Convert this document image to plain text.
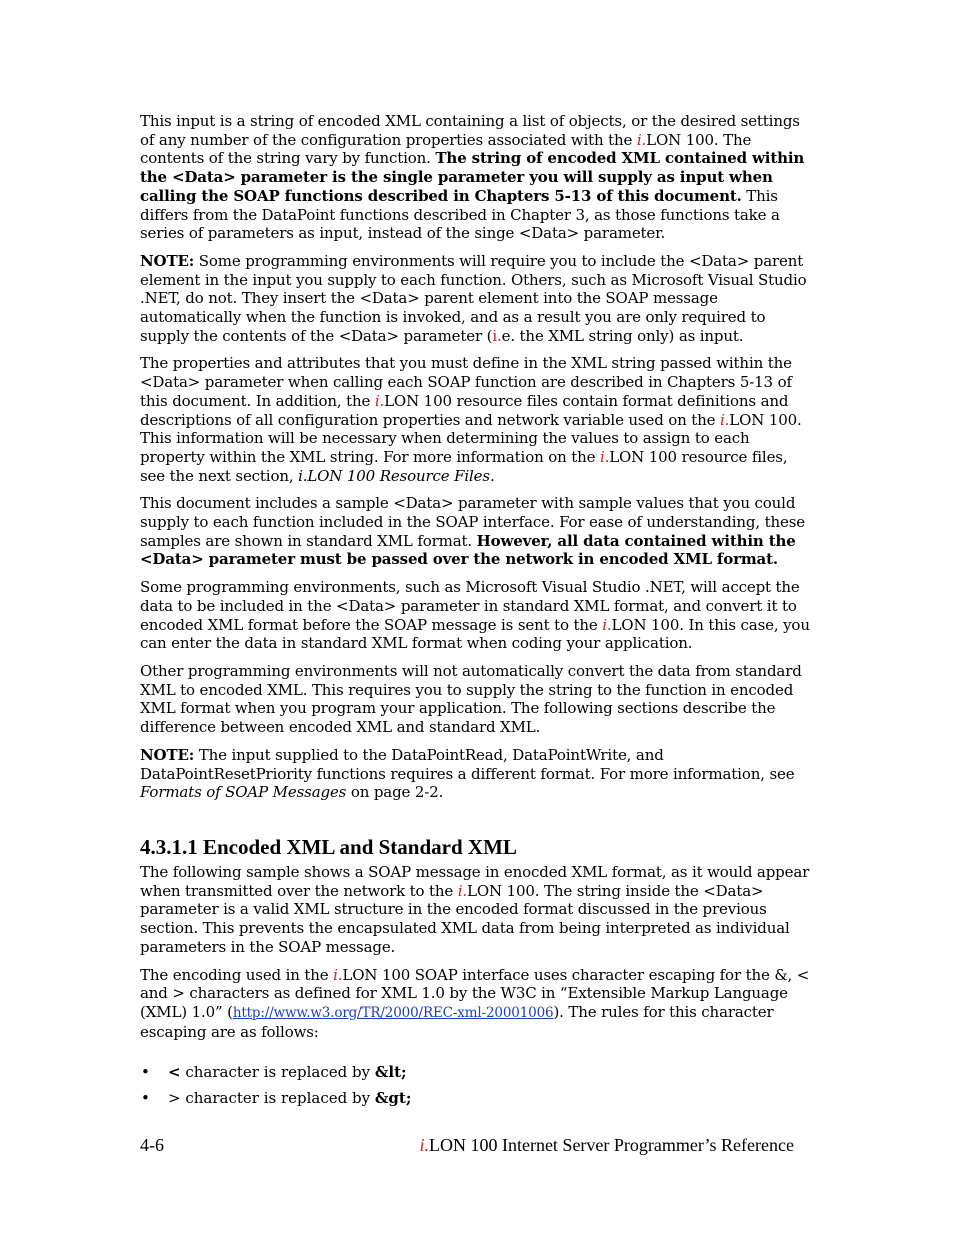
This input is a string of encoded XML containing a list of objects, or the desired settings of any number of the configuration properties associated with the i.LON 100. The contents of the string vary by function. The string of encoded XML contained within the <Data> parameter is the single parameter you will supply as input when calling the SOAP functions described in Chapters 5-13 of this document. This differs from the DataPoint functions described in Chapter 3, as those functions take a series of parameters as input, instead of the singe <Data> parameter.

NOTE: Some programming environments will require you to include the <Data> parent element in the input you supply to each function. Others, such as Microsoft Visual Studio .NET, do not. They insert the <Data> parent element into the SOAP message automatically when the function is invoked, and as a result you are only required to supply the contents of the <Data> parameter (i.e. the XML string only) as input.

The properties and attributes that you must define in the XML string passed within the <Data> parameter when calling each SOAP function are described in Chapters 5-13 of this document. In addition, the i.LON 100 resource files contain format definitions and descriptions of all configuration properties and network variable used on the i.LON 100. This information will be necessary when determining the values to assign to each property within the XML string. For more information on the i.LON 100 resource files, see the next section, i.LON 100 Resource Files.

This document includes a sample <Data> parameter with sample values that you could supply to each function included in the SOAP interface. For ease of understanding, these samples are shown in standard XML format. However, all data contained within the <Data> parameter must be passed over the network in encoded XML format.

Some programming environments, such as Microsoft Visual Studio .NET, will accept the data to be included in the <Data> parameter in standard XML format, and convert it to encoded XML format before the SOAP message is sent to the i.LON 100. In this case, you can enter the data in standard XML format when coding your application.

Other programming environments will not automatically convert the data from standard XML to encoded XML. This requires you to supply the string to the function in encoded XML format when you program your application. The following sections describe the difference between encoded XML and standard XML.

NOTE: The input supplied to the DataPointRead, DataPointWrite, and DataPointResetPriority functions requires a different format. For more information, see Formats of SOAP Messages on page 2-2.

4.3.1.1 Encoded XML and Standard XML

The following sample shows a SOAP message in enocded XML format, as it would appear when transmitted over the network to the i.LON 100. The string inside the <Data> parameter is a valid XML structure in the encoded format discussed in the previous section. This prevents the encapsulated XML data from being interpreted as individual parameters in the SOAP message.

The encoding used in the i.LON 100 SOAP interface uses character escaping for the &, < and > characters as defined for XML 1.0 by the W3C in “Extensible Markup Language (XML) 1.0” (http://www.w3.org/TR/2000/REC-xml-20001006). The rules for this character escaping are as follows:

• < character is replaced by &lt;
• > character is replaced by &gt;
4-6	i.LON 100 Internet Server Programmer’s Reference
